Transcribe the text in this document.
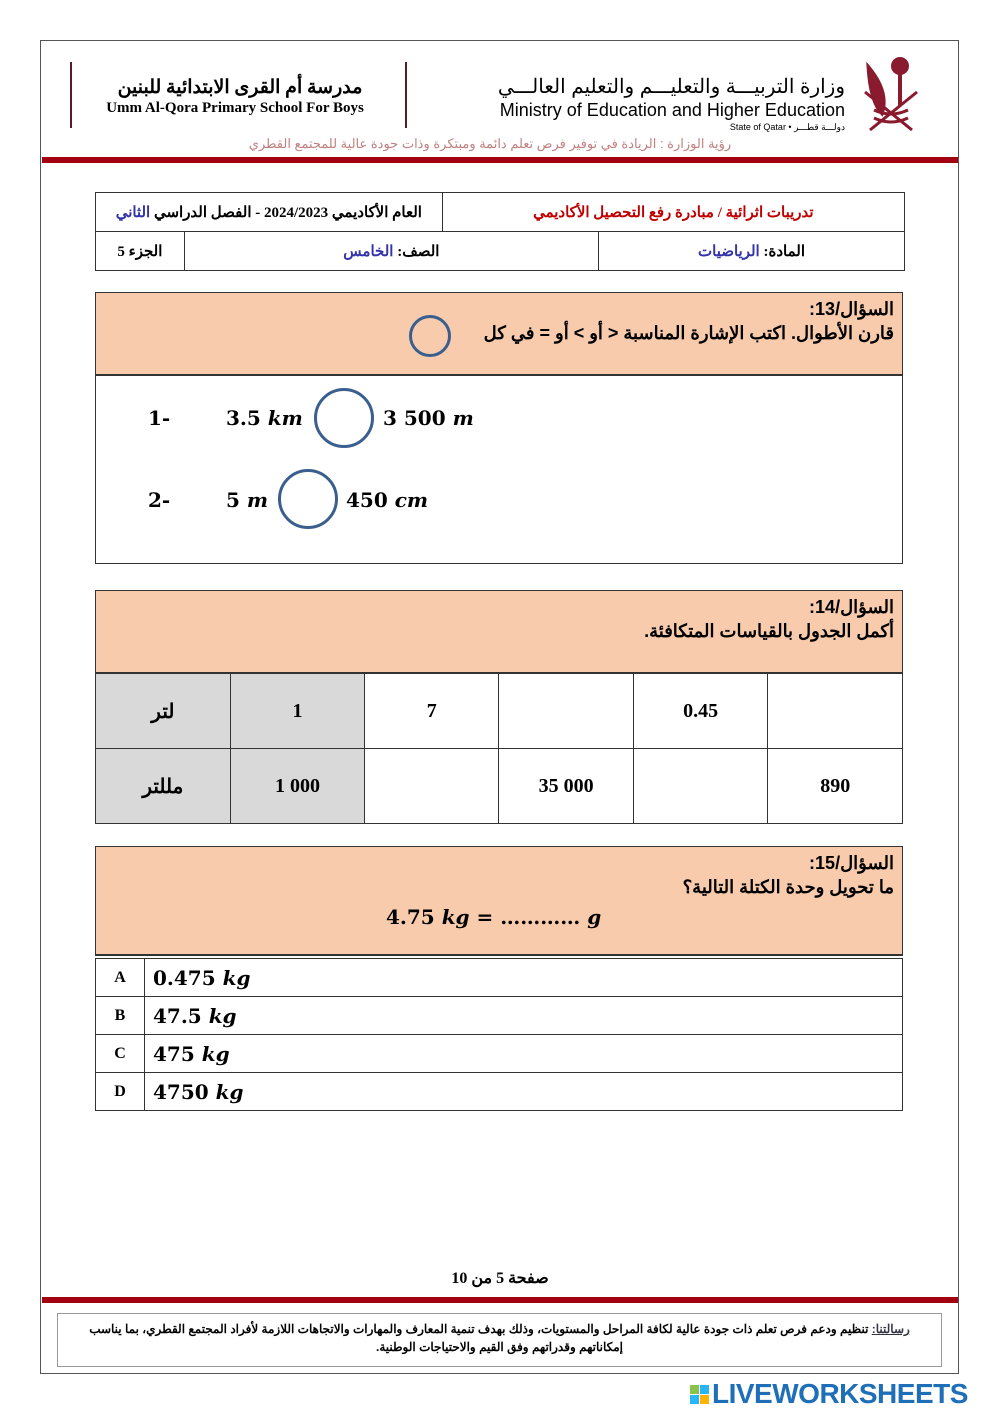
مدرسة أم القرى الابتدائية للبنين
Umm Al-Qora Primary School For Boys
وزارة التربيـــة والتعليـــم والتعليم العالـــي
Ministry of Education and Higher Education
State of Qatar • دولـــة قطـــر
رؤية الوزارة : الريادة في توفير فرص تعلم دائمة ومبتكرة وذات جودة عالية للمجتمع القطري
تدريبات اثرائية / مبادرة رفع التحصيل الأكاديمي		العام الأكاديمي 2024/2023 - الفصل الدراسي الثاني	
المادة: الرياضيات	الصف: الخامس		الجزء 5
السؤال/13:
قارن الأطوال. اكتب الإشارة المناسبة < أو > أو = في كل
1-	3.5 km	3 500 m
2-	5 m	450 cm
السؤال/14:
أكمل الجدول بالقياسات المتكافئة.
لتر	1	7		0.45	
مللتر	1 000		35 000		890
السؤال/15:
ما تحويل وحدة الكتلة التالية؟
4.75 kg = ………… g
A	0.475 kg
B	47.5 kg
C	475 kg
D	4750 kg
صفحة 5 من 10
رسالتنا: تنظيم ودعم فرص تعلم ذات جودة عالية لكافة المراحل والمستويات، وذلك بهدف تنمية المعارف والمهارات والاتجاهات اللازمة لأفراد المجتمع القطري، بما يناسب إمكاناتهم وقدراتهم وفق القيم والاحتياجات الوطنية.
LIVEWORKSHEETS
